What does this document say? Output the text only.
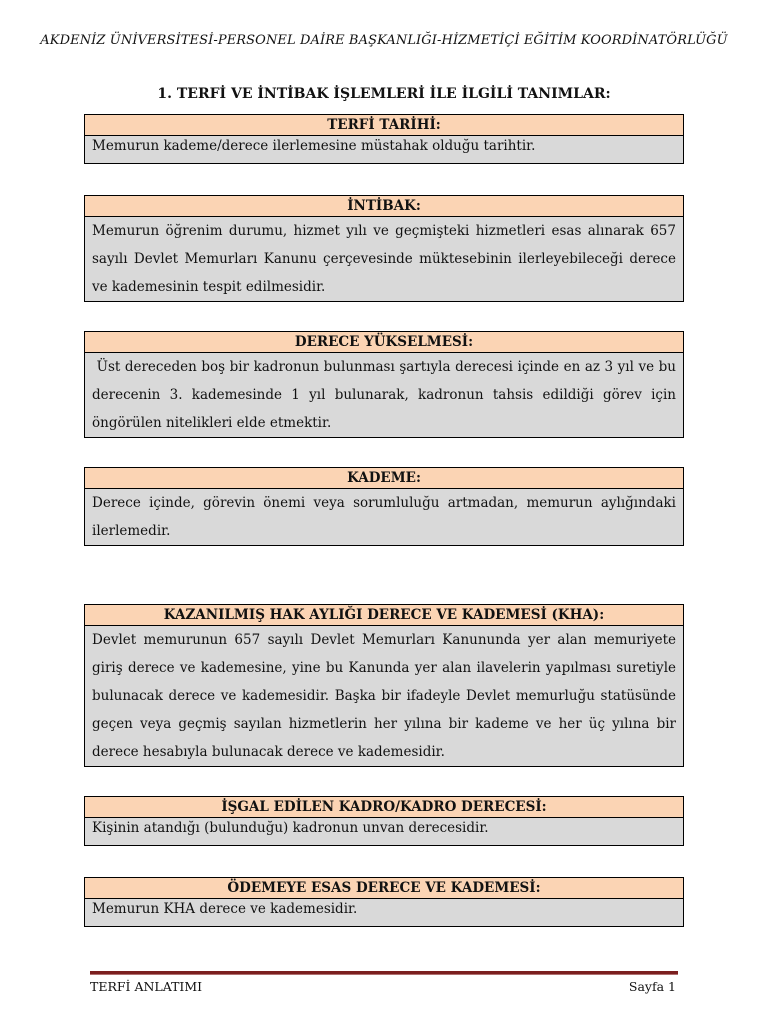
AKDENİZ ÜNİVERSİTESİ-PERSONEL DAİRE BAŞKANLIĞI-HİZMETİÇİ EĞİTİM KOORDİNATÖRLÜĞÜ
1. TERFİ VE İNTİBAK İŞLEMLERİ İLE İLGİLİ TANIMLAR:
TERFİ TARİHİ:
Memurun kademe/derece ilerlemesine müstahak olduğu tarihtir.
İNTİBAK:
Memurun öğrenim durumu, hizmet yılı ve geçmişteki hizmetleri esas alınarak 657 sayılı Devlet Memurları Kanunu çerçevesinde müktesebinin ilerleyebileceği derece ve kademesinin tespit edilmesidir.
DERECE YÜKSELMESİ:
Üst dereceden boş bir kadronun bulunması şartıyla derecesi içinde en az 3 yıl ve bu derecenin 3. kademesinde 1 yıl bulunarak, kadronun tahsis edildiği görev için öngörülen nitelikleri elde etmektir.
KADEME:
Derece içinde, görevin önemi veya sorumluluğu artmadan, memurun aylığındaki ilerlemedir.
KAZANILMIŞ HAK AYLIĞI DERECE VE KADEMESİ (KHA):
Devlet memurunun 657 sayılı Devlet Memurları Kanununda yer alan memuriyete giriş derece ve kademesine, yine bu Kanunda yer alan ilavelerin yapılması suretiyle bulunacak derece ve kademesidir. Başka bir ifadeyle Devlet memurluğu statüsünde geçen veya geçmiş sayılan hizmetlerin her yılına bir kademe ve her üç yılına bir derece hesabıyla bulunacak derece ve kademesidir.
İŞGAL EDİLEN KADRO/KADRO DERECESİ:
Kişinin atandığı (bulunduğu) kadronun unvan derecesidir.
ÖDEMEYE ESAS DERECE VE KADEMESİ:
Memurun KHA derece ve kademesidir.
TERFİ ANLATIMI	Sayfa 1
